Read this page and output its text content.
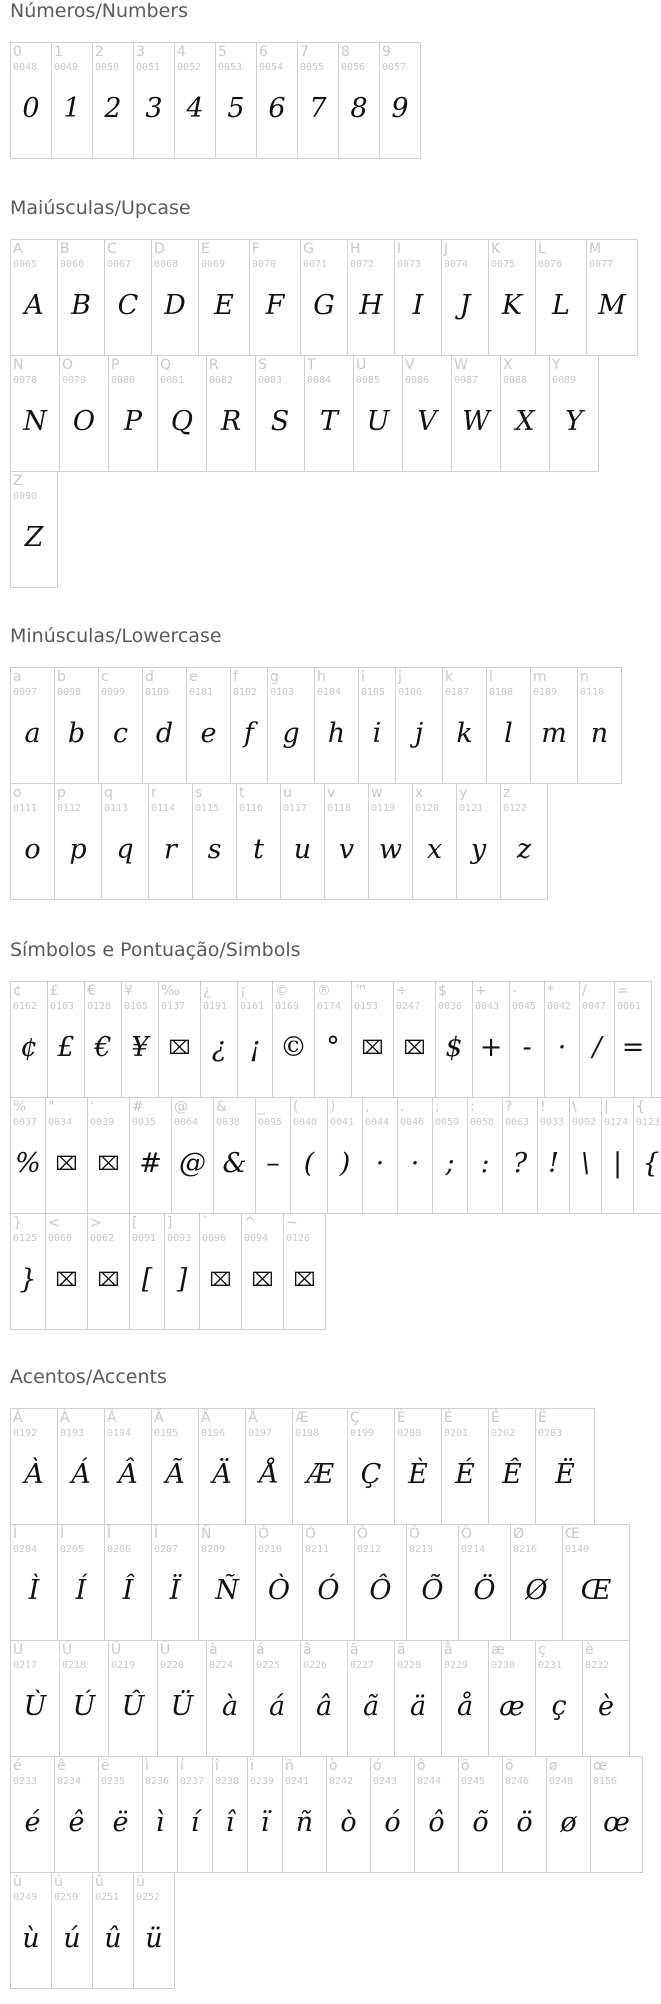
Números/Numbers
0
0048
0
1
0049
1
2
0050
2
3
0051
3
4
0052
4
5
0053
5
6
0054
6
7
0055
7
8
0056
8
9
0057
9
Maiúsculas/Upcase
A
0065
A
B
0066
B
C
0067
C
D
0068
D
E
0069
E
F
0070
F
G
0071
G
H
0072
H
I
0073
I
J
0074
J
K
0075
K
L
0076
L
M
0077
M
N
0078
N
O
0079
O
P
0080
P
Q
0081
Q
R
0082
R
S
0083
S
T
0084
T
U
0085
U
V
0086
V
W
0087
W
X
0088
X
Y
0089
Y
Z
0090
Z
Minúsculas/Lowercase
a
0097
a
b
0098
b
c
0099
c
d
0100
d
e
0101
e
f
0102
f
g
0103
g
h
0104
h
i
0105
i
j
0106
j
k
0107
k
l
0108
l
m
0109
m
n
0110
n
o
0111
o
p
0112
p
q
0113
q
r
0114
r
s
0115
s
t
0116
t
u
0117
u
v
0118
v
w
0119
w
x
0120
x
y
0121
y
z
0122
z
Símbolos e Pontuação/Simbols
¢
0162
¢
£
0163
£
€
0128
€
¥
0165
¥
‰
0137
⌧
¿
0191
¿
¡
0161
¡
©
0169
©
®
0174
°
™
0153
⌧
÷
0247
⌧
$
0036
$
+
0043
+
-
0045
-
*
0042
·
/
0047
/
=
0061
=
%
0037
%
"
0034
⌧
'
0039
⌧
#
0035
#
@
0064
@
&
0038
&
_
0095
–
(
0040
(
)
0041
)
,
0044
·
.
0046
·
;
0059
;
:
0058
:
?
0063
?
!
0033
!
\
0092
\
|
0124
|
{
0123
{
}
0125
}
<
0060
⌧
>
0062
⌧
[
0091
[
]
0093
]
`
0096
⌧
^
0094
⌧
~
0126
⌧
Acentos/Accents
À
0192
À
Á
0193
Á
Â
0194
Â
Ã
0195
Ã
Ä
0196
Ä
Å
0197
Å
Æ
0198
Æ
Ç
0199
Ç
È
0200
È
É
0201
É
Ê
0202
Ê
Ë
0203
Ë
Ì
0204
Ì
Í
0205
Í
Î
0206
Î
Ï
0207
Ï
Ñ
0209
Ñ
Ò
0210
Ò
Ó
0211
Ó
Ô
0212
Ô
Õ
0213
Õ
Ö
0214
Ö
Ø
0216
Ø
Œ
0140
Œ
Ù
0217
Ù
Ú
0218
Ú
Û
0219
Û
Ü
0220
Ü
à
0224
à
á
0225
á
â
0226
â
ã
0227
ã
ä
0228
ä
å
0229
å
æ
0230
æ
ç
0231
ç
è
0232
è
é
0233
é
ê
0234
ê
ë
0235
ë
ì
0236
ì
í
0237
í
î
0238
î
ï
0239
ï
ñ
0241
ñ
ò
0242
ò
ó
0243
ó
ô
0244
ô
õ
0245
õ
ö
0246
ö
ø
0248
ø
œ
0156
œ
ù
0249
ù
ú
0250
ú
û
0251
û
ü
0252
ü
